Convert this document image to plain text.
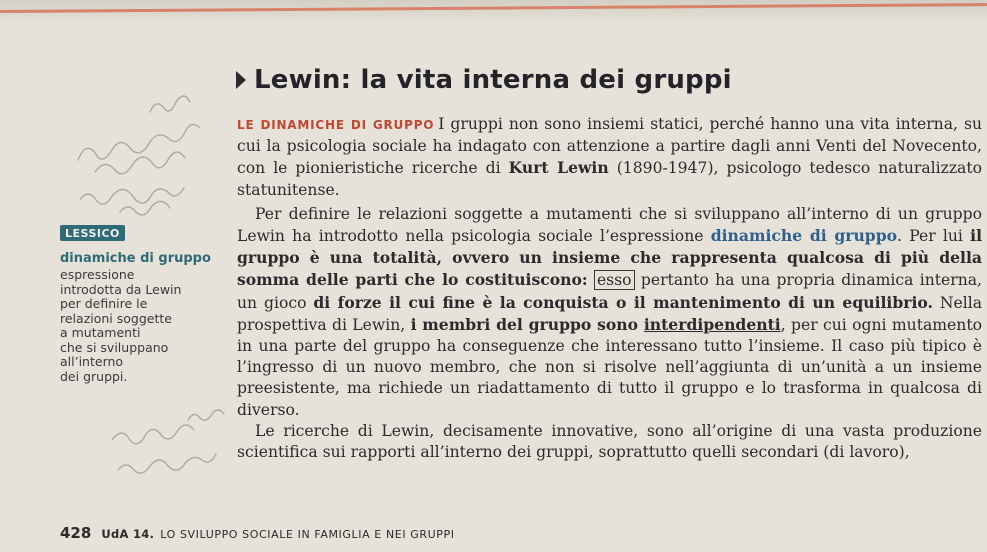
Lewin: la vita interna dei gruppi

LE DINAMICHE DI GRUPPO I gruppi non sono insiemi statici, perché hanno una vita interna, su cui la psicologia sociale ha indagato con attenzione a partire dagli anni Venti del Novecento, con le pionieristiche ricerche di Kurt Lewin (1890-1947), psicologo tedesco naturalizzato statunitense.

Per definire le relazioni soggette a mutamenti che si sviluppano all’interno di un gruppo Lewin ha introdotto nella psicologia sociale l’espressione dinamiche di gruppo. Per lui il gruppo è una totalità, ovvero un insieme che rappresenta qualcosa di più della somma delle parti che lo costituiscono: esso pertanto ha una propria dinamica interna, un gioco di forze il cui fine è la conquista o il mantenimento di un equilibrio. Nella prospettiva di Lewin, i membri del gruppo sono interdipendenti, per cui ogni mutamento in una parte del gruppo ha conseguenze che interessano tutto l’insieme. Il caso più tipico è l’ingresso di un nuovo membro, che non si risolve nell’aggiunta di un’unità a un insieme preesistente, ma richiede un riadattamento di tutto il gruppo e lo trasforma in qualcosa di diverso.

Le ricerche di Lewin, decisamente innovative, sono all’origine di una vasta produzione scientifica sui rapporti all’interno dei gruppi, soprattutto quelli secondari (di lavoro),

LESSICO
dinamiche di gruppo
espressione
introdotta da Lewin
per definire le
relazioni soggette
a mutamenti
che si sviluppano
all’interno
dei gruppi.
428 UdA 14. LO SVILUPPO SOCIALE IN FAMIGLIA E NEI GRUPPI
